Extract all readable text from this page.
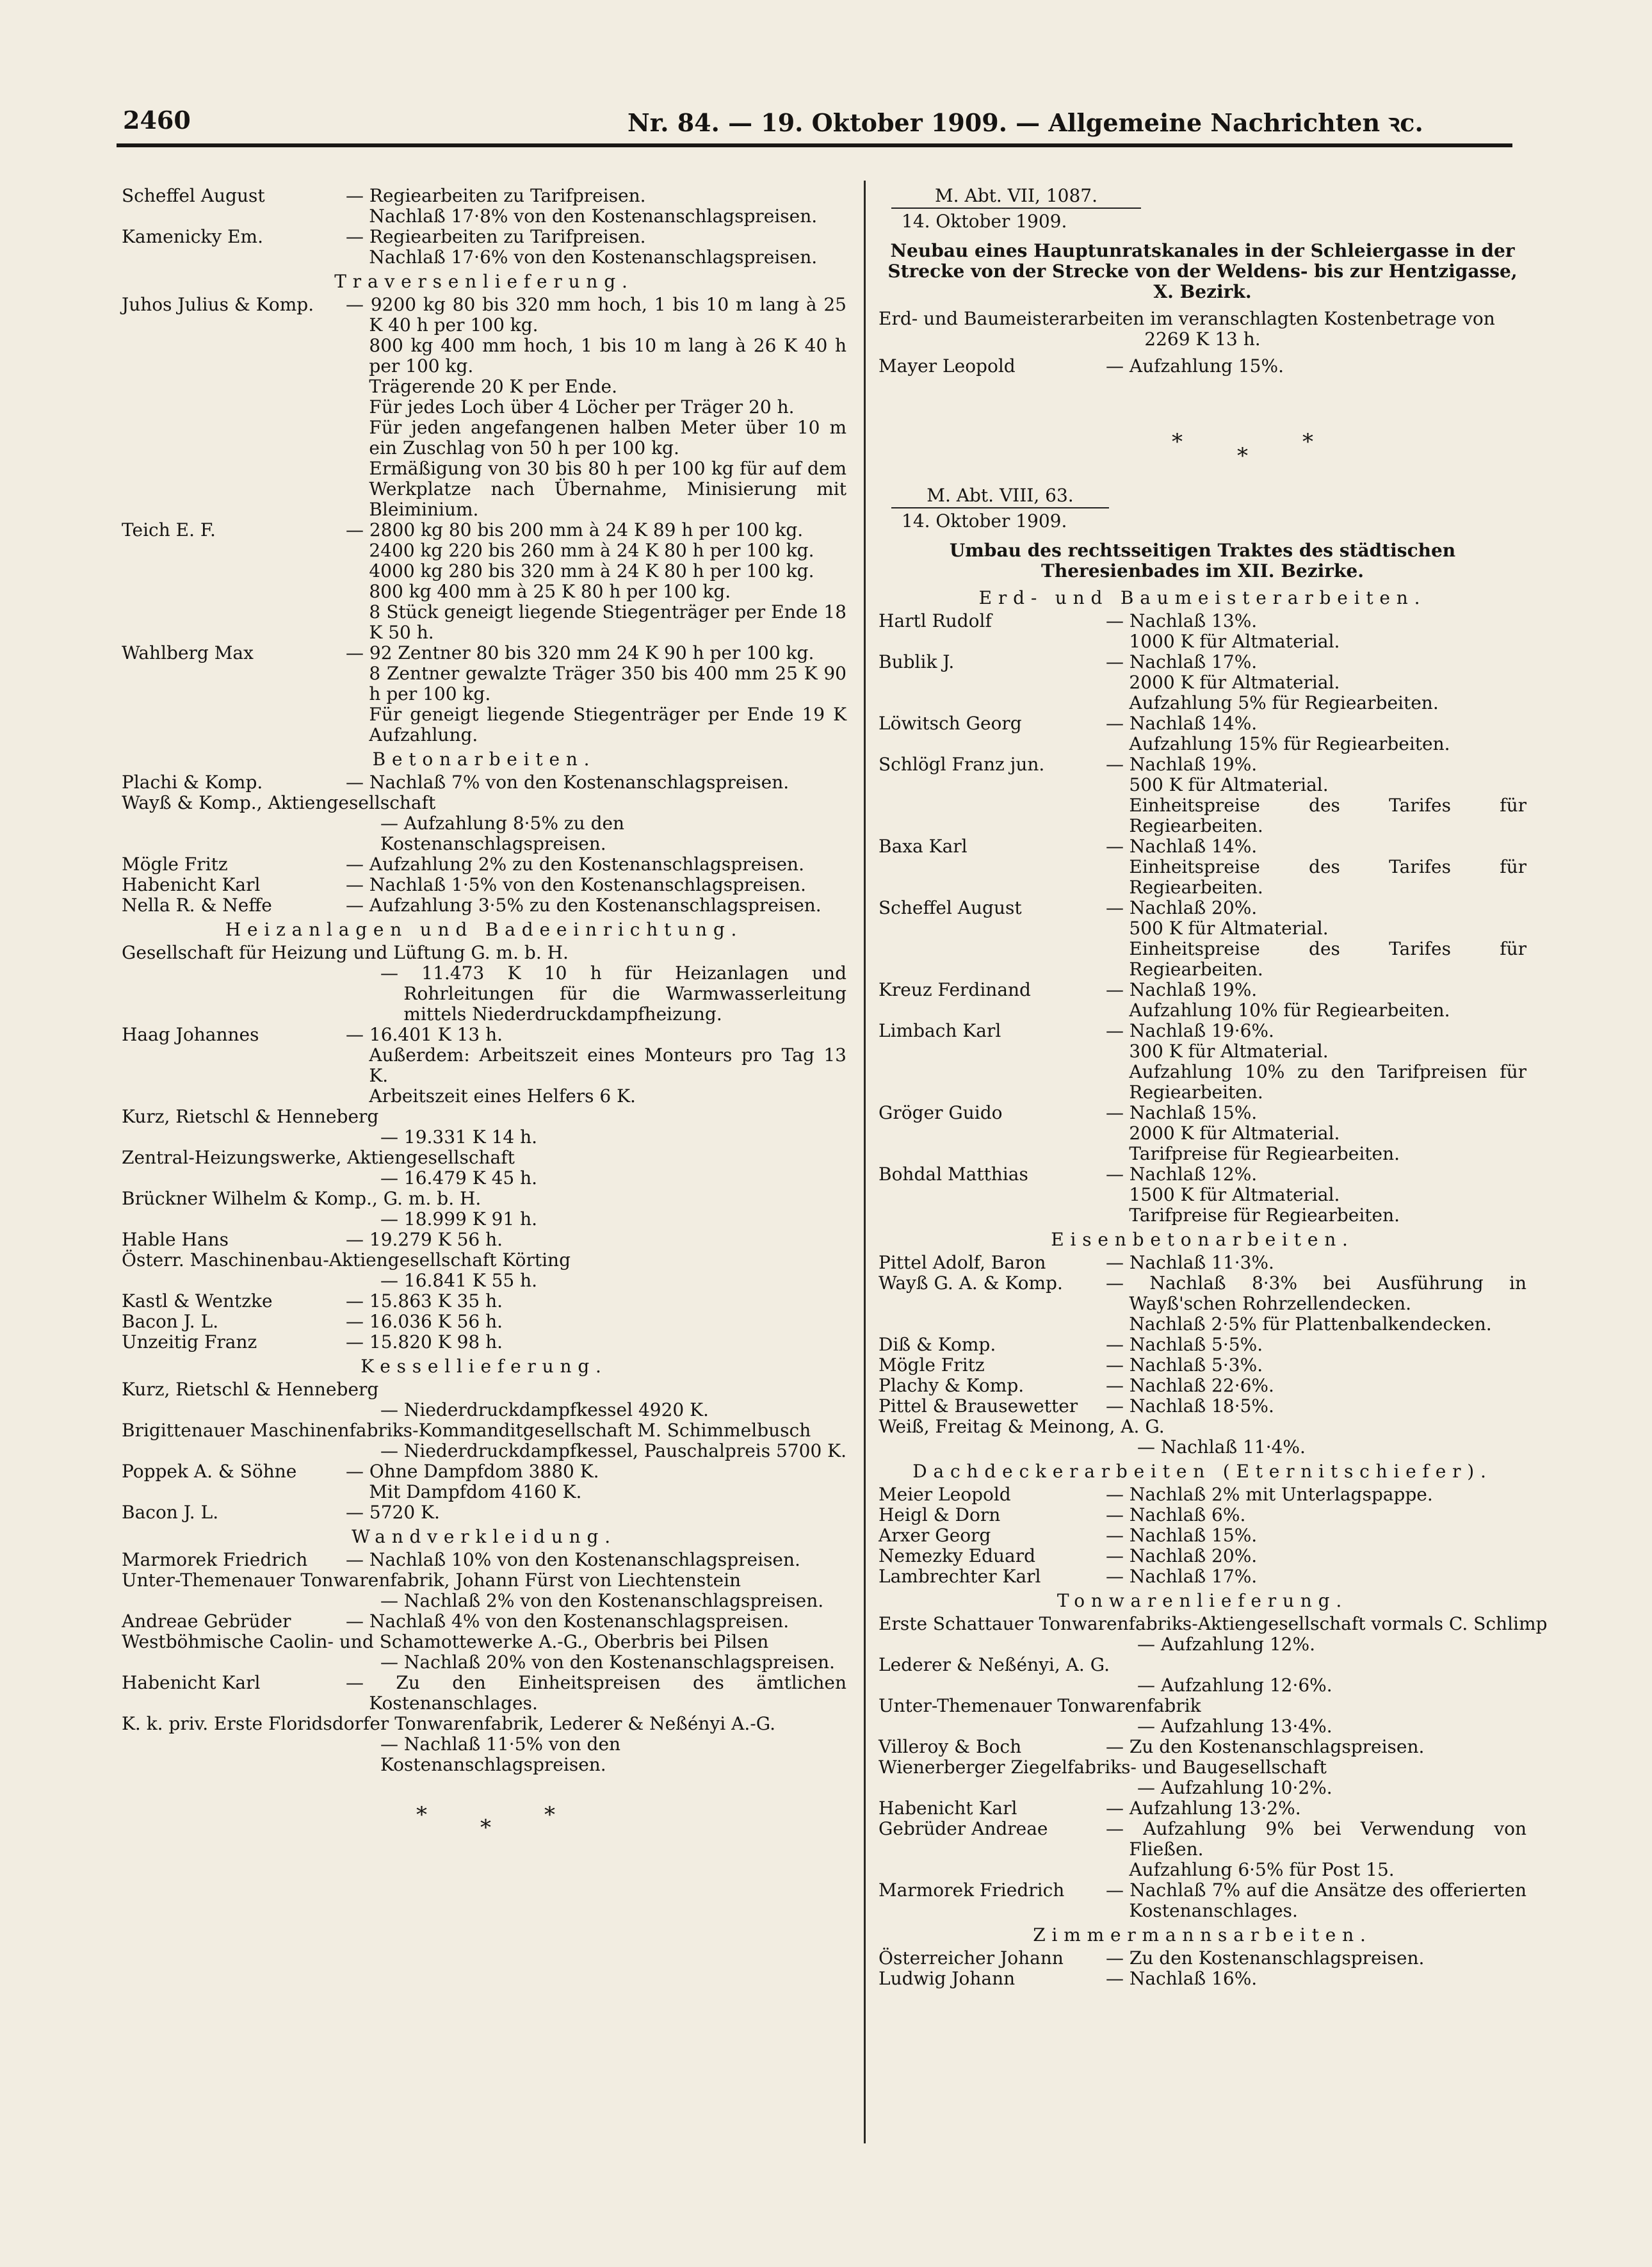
2460	Nr. 84. — 19. Oktober 1909. — Allgemeine Nachrichten ꝛc.
Scheffel August	— Regiearbeiten zu Tarifpreisen.

Nachlaß 17·8% von den Kostenanschlagspreisen.

Kamenicky Em.	— Regiearbeiten zu Tarifpreisen.

Nachlaß 17·6% von den Kostenanschlagspreisen.

Traversenlieferung.
Juhos Julius & Komp.	— 9200 kg 80 bis 320 mm hoch, 1 bis 10 m lang à 25 K 40 h per 100 kg.

800 kg 400 mm hoch, 1 bis 10 m lang à 26 K 40 h per 100 kg.

Trägerende 20 K per Ende.

Für jedes Loch über 4 Löcher per Träger 20 h.

Für jeden angefangenen halben Meter über 10 m ein Zuschlag von 50 h per 100 kg.

Ermäßigung von 30 bis 80 h per 100 kg für auf dem Werkplatze nach Übernahme, Minisierung mit Bleiminium.

Teich E. F.	— 2800 kg 80 bis 200 mm à 24 K 89 h per 100 kg.

2400 kg 220 bis 260 mm à 24 K 80 h per 100 kg.

4000 kg 280 bis 320 mm à 24 K 80 h per 100 kg.

800 kg 400 mm à 25 K 80 h per 100 kg.

8 Stück geneigt liegende Stiegenträger per Ende 18 K 50 h.

Wahlberg Max	— 92 Zentner 80 bis 320 mm 24 K 90 h per 100 kg.

8 Zentner gewalzte Träger 350 bis 400 mm 25 K 90 h per 100 kg.

Für geneigt liegende Stiegenträger per Ende 19 K Aufzahlung.

Betonarbeiten.
Plachi & Komp.	— Nachlaß 7% von den Kostenanschlagspreisen.

Wayß & Komp., Aktiengesellschaft

— Aufzahlung 8·5% zu den Kostenanschlagspreisen.

Mögle Fritz	— Aufzahlung 2% zu den Kostenanschlagspreisen.

Habenicht Karl	— Nachlaß 1·5% von den Kostenanschlagspreisen.

Nella R. & Neffe	— Aufzahlung 3·5% zu den Kostenanschlagspreisen.

Heizanlagen und Badeeinrichtung.

Gesellschaft für Heizung und Lüftung G. m. b. H.

— 11.473 K 10 h für Heizanlagen und Rohrleitungen für die Warmwasserleitung mittels Niederdruckdampfheizung.

Haag Johannes	— 16.401 K 13 h.

Außerdem: Arbeitszeit eines Monteurs pro Tag 13 K.

Arbeitszeit eines Helfers 6 K.

Kurz, Rietschl & Henneberg

— 19.331 K 14 h.

Zentral-Heizungswerke, Aktiengesellschaft

— 16.479 K 45 h.

Brückner Wilhelm & Komp., G. m. b. H.

— 18.999 K 91 h.

Hable Hans	— 19.279 K 56 h.

Österr. Maschinenbau-Aktiengesellschaft Körting

— 16.841 K 55 h.

Kastl & Wentzke	— 15.863 K 35 h.

Bacon J. L.	— 16.036 K 56 h.

Unzeitig Franz	— 15.820 K 98 h.

Kessellieferung.

Kurz, Rietschl & Henneberg

— Niederdruckdampfkessel 4920 K.

Brigittenauer Maschinenfabriks-Kommanditgesellschaft M. Schimmelbusch

— Niederdruckdampfkessel, Pauschalpreis 5700 K.

Poppek A. & Söhne	— Ohne Dampfdom 3880 K.

Mit Dampfdom 4160 K.

Bacon J. L.	— 5720 K.

Wandverkleidung.
Marmorek Friedrich	— Nachlaß 10% von den Kostenanschlagspreisen.

Unter-Themenauer Tonwarenfabrik, Johann Fürst von Liechtenstein

— Nachlaß 2% von den Kostenanschlagspreisen.

Andreae Gebrüder	— Nachlaß 4% von den Kostenanschlagspreisen.

Westböhmische Caolin- und Schamottewerke A.-G., Oberbris bei Pilsen

— Nachlaß 20% von den Kostenanschlagspreisen.

Habenicht Karl	— Zu den Einheitspreisen des ämtlichen Kostenanschlages.

K. k. priv. Erste Floridsdorfer Tonwarenfabrik, Lederer & Neßényi A.-G.

— Nachlaß 11·5% von den Kostenanschlagspreisen.

* * *
M. Abt. VII, 1087.
14. Oktober 1909.

Neubau eines Hauptunratskanales in der Schleiergasse in der Strecke von der Strecke von der Weldens- bis zur Hentzigasse, X. Bezirk.

Erd- und Baumeisterarbeiten im veranschlagten Kostenbetrage von

2269 K 13 h.

Mayer Leopold	— Aufzahlung 15%.

*
*
*
M. Abt. VIII, 63.
14. Oktober 1909.

Umbau des rechtsseitigen Traktes des städtischen Theresienbades im XII. Bezirke.

Erd- und Baumeisterarbeiten.
Hartl Rudolf	— Nachlaß 13%.

1000 K für Altmaterial.

Bublik J.	— Nachlaß 17%.

2000 K für Altmaterial.

Aufzahlung 5% für Regiearbeiten.

Löwitsch Georg	— Nachlaß 14%.

Aufzahlung 15% für Regiearbeiten.

Schlögl Franz jun.	— Nachlaß 19%.

500 K für Altmaterial.

Einheitspreise des Tarifes für Regiearbeiten.

Baxa Karl	— Nachlaß 14%.

Einheitspreise des Tarifes für Regiearbeiten.

Scheffel August	— Nachlaß 20%.

500 K für Altmaterial.

Einheitspreise des Tarifes für Regiearbeiten.

Kreuz Ferdinand	— Nachlaß 19%.

Aufzahlung 10% für Regiearbeiten.

Limbach Karl	— Nachlaß 19·6%.

300 K für Altmaterial.

Aufzahlung 10% zu den Tarifpreisen für Regiearbeiten.

Gröger Guido	— Nachlaß 15%.

2000 K für Altmaterial.

Tarifpreise für Regiearbeiten.

Bohdal Matthias	— Nachlaß 12%.

1500 K für Altmaterial.

Tarifpreise für Regiearbeiten.

Eisenbetonarbeiten.
Pittel Adolf, Baron	— Nachlaß 11·3%.

Wayß G. A. & Komp.	— Nachlaß 8·3% bei Ausführung in Wayß'schen Rohrzellendecken.

Nachlaß 2·5% für Plattenbalkendecken.

Diß & Komp.	— Nachlaß 5·5%.

Mögle Fritz	— Nachlaß 5·3%.

Plachy & Komp.	— Nachlaß 22·6%.

Pittel & Brausewetter	— Nachlaß 18·5%.

Weiß, Freitag & Meinong, A. G.

— Nachlaß 11·4%.

Dachdeckerarbeiten (Eternitschiefer).
Meier Leopold	— Nachlaß 2% mit Unterlagspappe.

Heigl & Dorn	— Nachlaß 6%.

Arxer Georg	— Nachlaß 15%.

Nemezky Eduard	— Nachlaß 20%.

Lambrechter Karl	— Nachlaß 17%.

Tonwarenlieferung.

Erste Schattauer Tonwarenfabriks-Aktiengesellschaft vormals C. Schlimp

— Aufzahlung 12%.

Lederer & Neßényi, A. G.

— Aufzahlung 12·6%.

Unter-Themenauer Tonwarenfabrik

— Aufzahlung 13·4%.

Villeroy & Boch	— Zu den Kostenanschlagspreisen.

Wienerberger Ziegelfabriks- und Baugesellschaft

— Aufzahlung 10·2%.

Habenicht Karl	— Aufzahlung 13·2%.

Gebrüder Andreae	— Aufzahlung 9% bei Verwendung von Fließen.

Aufzahlung 6·5% für Post 15.

Marmorek Friedrich	— Nachlaß 7% auf die Ansätze des offerierten Kostenanschlages.

Zimmermannsarbeiten.
Österreicher Johann	— Zu den Kostenanschlagspreisen.

Ludwig Johann	— Nachlaß 16%.
